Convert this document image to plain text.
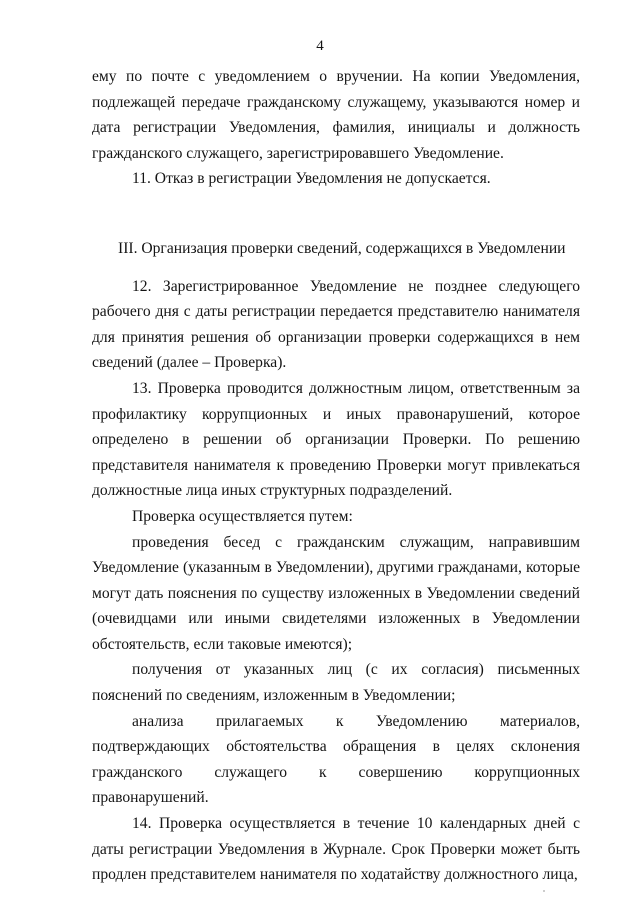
4

ему по почте с уведомлением о вручении. На копии Уведомления, подлежащей передаче гражданскому служащему, указываются номер и дата регистрации Уведомления, фамилия, инициалы и должность гражданского служащего, зарегистрировавшего Уведомление.

11. Отказ в регистрации Уведомления не допускается.

III. Организация проверки сведений, содержащихся в Уведомлении

12. Зарегистрированное Уведомление не позднее следующего рабочего дня с даты регистрации передается представителю нанимателя для принятия решения об организации проверки содержащихся в нем сведений (далее – Проверка).

13. Проверка проводится должностным лицом, ответственным за профилактику коррупционных и иных правонарушений, которое определено в решении об организации Проверки. По решению представителя нанимателя к проведению Проверки могут привлекаться должностные лица иных структурных подразделений.

Проверка осуществляется путем:

проведения бесед с гражданским служащим, направившим Уведомление (указанным в Уведомлении), другими гражданами, которые могут дать пояснения по существу изложенных в Уведомлении сведений (очевидцами или иными свидетелями изложенных в Уведомлении обстоятельств, если таковые имеются);

получения от указанных лиц (с их согласия) письменных пояснений по сведениям, изложенным в Уведомлении;

анализа прилагаемых к Уведомлению материалов, подтверждающих обстоятельства обращения в целях склонения гражданского служащего к совершению коррупционных правонарушений.

14. Проверка осуществляется в течение 10 календарных дней с даты регистрации Уведомления в Журнале. Срок Проверки может быть продлен представителем нанимателя по ходатайству должностного лица,
